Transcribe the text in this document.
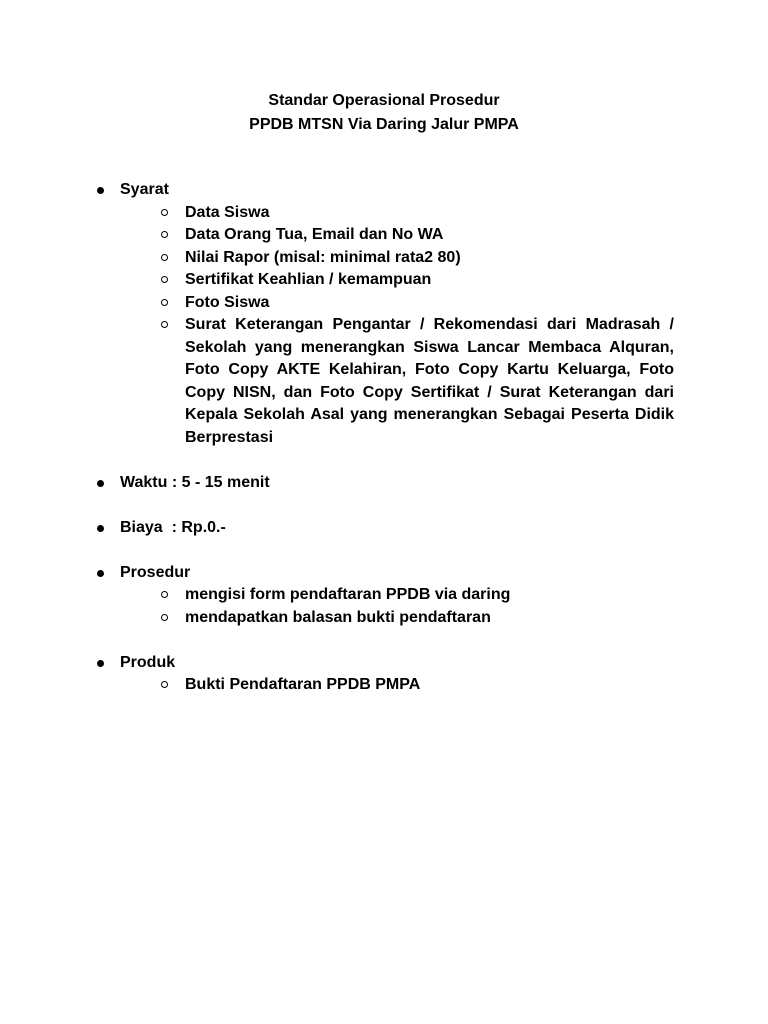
Standar Operasional Prosedur
PPDB MTSN Via Daring Jalur PMPA
Syarat
Data Siswa
Data Orang Tua, Email dan No WA
Nilai Rapor (misal: minimal rata2 80)
Sertifikat Keahlian / kemampuan
Foto Siswa
Surat Keterangan Pengantar / Rekomendasi dari Madrasah / Sekolah yang menerangkan Siswa Lancar Membaca Alquran, Foto Copy AKTE Kelahiran, Foto Copy Kartu Keluarga, Foto Copy NISN, dan Foto Copy Sertifikat / Surat Keterangan dari Kepala Sekolah Asal yang menerangkan Sebagai Peserta Didik Berprestasi
Waktu : 5 - 15 menit
Biaya  : Rp.0.-
Prosedur
mengisi form pendaftaran PPDB via daring
mendapatkan balasan bukti pendaftaran
Produk
Bukti Pendaftaran PPDB PMPA
